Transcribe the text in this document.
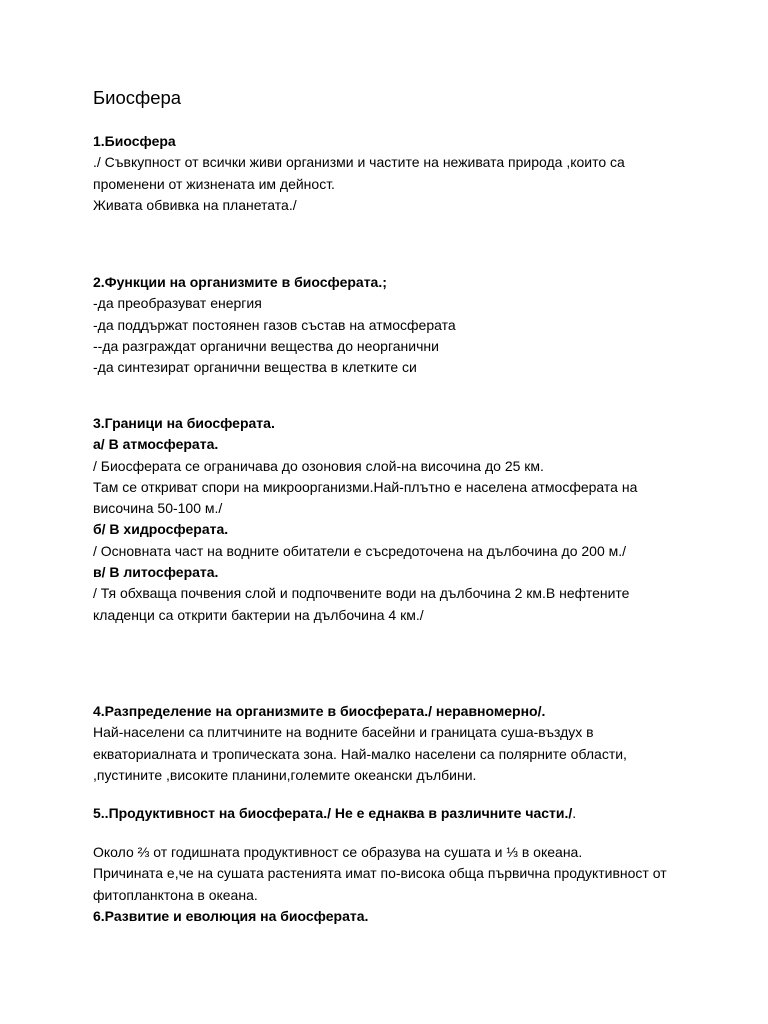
Биосфера
1.Биосфера
./ Съвкупност от всички живи организми и частите на неживата природа ,които са
променени от жизнената им дейност.
Живата обвивка на планетата./
2.Функции на организмите в биосферата.;
-да преобразуват енергия
-да поддържат постоянен газов състав на атмосферата
--да разграждат органични вещества до неорганични
-да синтезират органични вещества в клетките си
3.Граници на биосферата.
а/ В атмосферата.
/ Биосферата се ограничава до озоновия слой-на височина до 25 км.
Там се откриват спори на микроорганизми.Най-плътно е населена атмосферата на
височина 50-100 м./
б/ В хидросферата.
/ Основната част на водните обитатели е съсредоточена на дълбочина до 200 м./
в/ В литосферата.
/ Тя обхваща почвения слой и подпочвените води на дълбочина 2 км.В нефтените
кладенци са открити бактерии на дълбочина 4 км./
4.Разпределение на организмите в биосферата./ неравномерно/.
Най-населени са плитчините на водните басейни и границата суша-въздух в
екваториалната и тропическата зона. Най-малко населени са полярните области,
,пустините ,високите планини,големите океански дълбини.
5..Продуктивност на биосферата./ Не е еднаква в различните части./.
Около ⅔ от годишната продуктивност се образува на сушата и ⅓ в океана.
Причината е,че на сушата растенията имат по-висока обща първична продуктивност от
фитопланктона в океана.
6.Развитие и еволюция на биосферата.
